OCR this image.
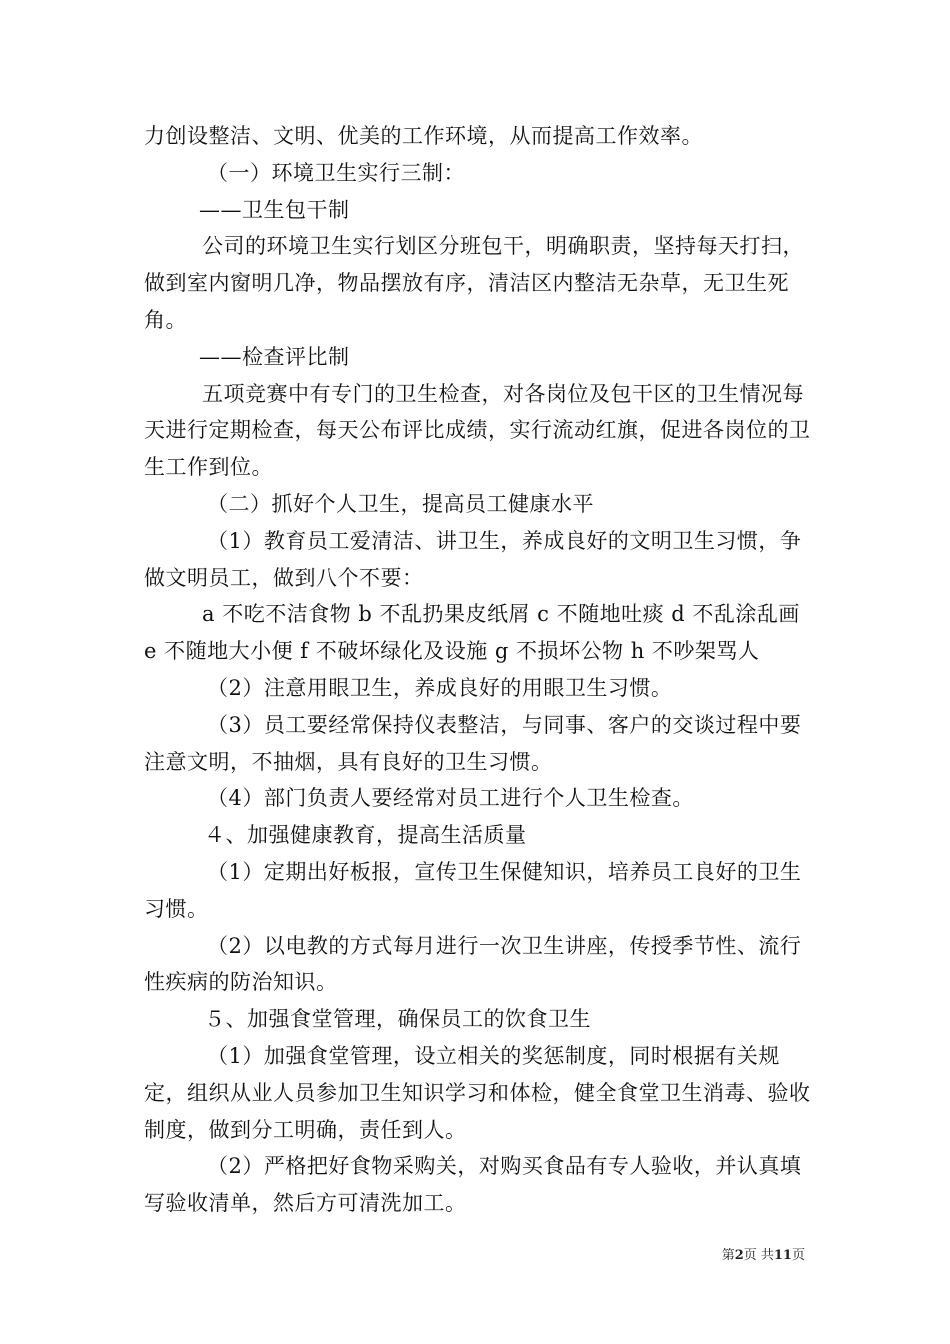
力创设整洁、文明、优美的工作环境，从而提高工作效率。

（一）环境卫生实行三制：

——卫生包干制

公司的环境卫生实行划区分班包干，明确职责，坚持每天打扫，做到室内窗明几净，物品摆放有序，清洁区内整洁无杂草，无卫生死角。

——检查评比制

五项竞赛中有专门的卫生检查，对各岗位及包干区的卫生情况每天进行定期检查，每天公布评比成绩，实行流动红旗，促进各岗位的卫生工作到位。

（二）抓好个人卫生，提高员工健康水平

（1）教育员工爱清洁、讲卫生，养成良好的文明卫生习惯，争做文明员工，做到八个不要：

a 不吃不洁食物 b 不乱扔果皮纸屑 c 不随地吐痰 d 不乱涂乱画 e 不随地大小便 f 不破坏绿化及设施 g 不损坏公物 h 不吵架骂人

（2）注意用眼卫生，养成良好的用眼卫生习惯。

（3）员工要经常保持仪表整洁，与同事、客户的交谈过程中要注意文明，不抽烟，具有良好的卫生习惯。

（4）部门负责人要经常对员工进行个人卫生检查。

４、加强健康教育，提高生活质量

（1）定期出好板报，宣传卫生保健知识，培养员工良好的卫生习惯。

（2）以电教的方式每月进行一次卫生讲座，传授季节性、流行性疾病的防治知识。

５、加强食堂管理，确保员工的饮食卫生

（1）加强食堂管理，设立相关的奖惩制度，同时根据有关规定，组织从业人员参加卫生知识学习和体检，健全食堂卫生消毒、验收制度，做到分工明确，责任到人。

（2）严格把好食物采购关，对购买食品有专人验收，并认真填写验收清单，然后方可清洗加工。

第2页 共11页
